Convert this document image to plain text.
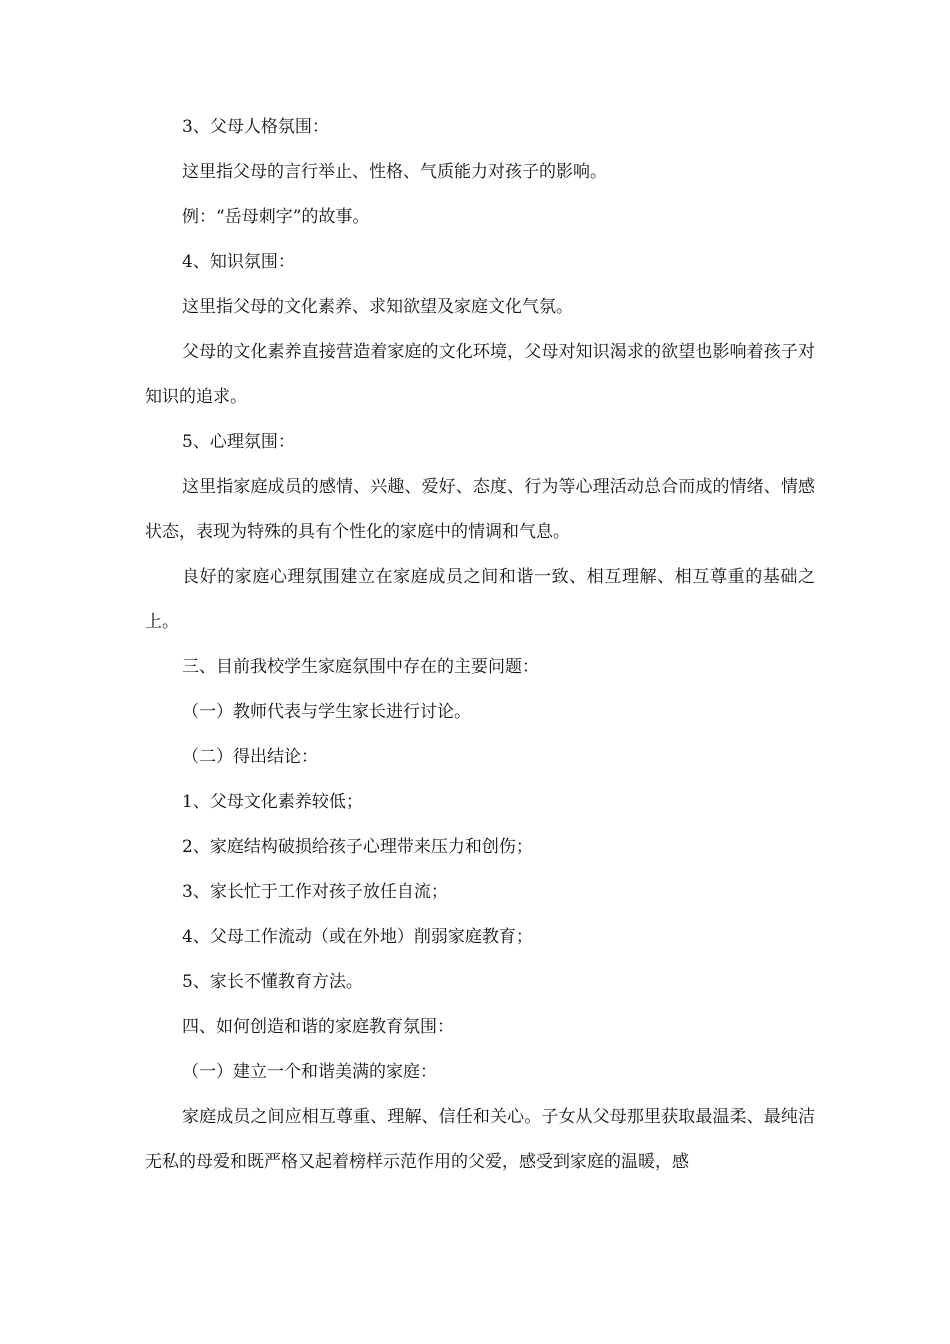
3、父母人格氛围：

这里指父母的言行举止、性格、气质能力对孩子的影响。

例：“岳母刺字”的故事。

4、知识氛围：

这里指父母的文化素养、求知欲望及家庭文化气氛。

父母的文化素养直接营造着家庭的文化环境，父母对知识渴求的欲望也影响着孩子对知识的追求。

5、心理氛围：

这里指家庭成员的感情、兴趣、爱好、态度、行为等心理活动总合而成的情绪、情感状态，表现为特殊的具有个性化的家庭中的情调和气息。

良好的家庭心理氛围建立在家庭成员之间和谐一致、相互理解、相互尊重的基础之上。

三、目前我校学生家庭氛围中存在的主要问题：

（一）教师代表与学生家长进行讨论。

（二）得出结论：

1、父母文化素养较低；

2、家庭结构破损给孩子心理带来压力和创伤；

3、家长忙于工作对孩子放任自流；

4、父母工作流动（或在外地）削弱家庭教育；

5、家长不懂教育方法。

四、如何创造和谐的家庭教育氛围：

（一）建立一个和谐美满的家庭：

家庭成员之间应相互尊重、理解、信任和关心。子女从父母那里获取最温柔、最纯洁无私的母爱和既严格又起着榜样示范作用的父爱，感受到家庭的温暖，感
